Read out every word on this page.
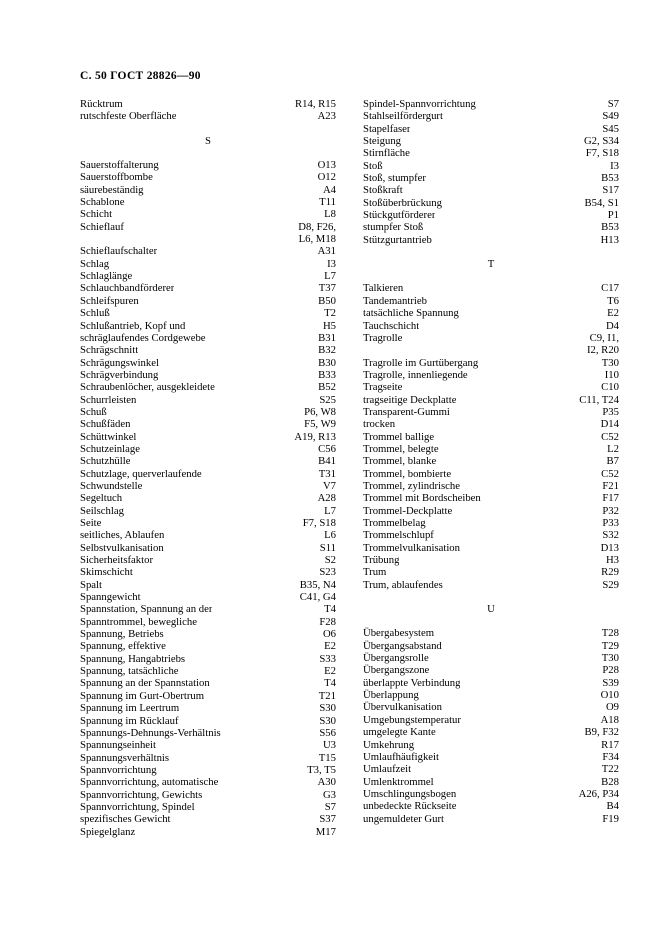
С. 50 ГОСТ 28826—90
Rücktrum	R14, R15
rutschfeste Oberfläche	A23
S
Sauerstoffalterung	O13
Sauerstoffbombe	O12
säurebeständig	A4
Schablone	T11
Schicht	L8
Schieflauf	D8, F26,
L6, M18
Schieflaufschalter	A31
Schlag	I3
Schlaglänge	L7
Schlauchbandförderer	T37
Schleifspuren	B50
Schluß	T2
Schlußantrieb, Kopf und	H5
schräglaufendes Cordgewebe	B31
Schrägschnitt	B32
Schrägungswinkel	B30
Schrägverbindung	B33
Schraubenlöcher, ausgekleidete	B52
Schurrleisten	S25
Schuß	P6, W8
Schußfäden	F5, W9
Schüttwinkel	A19, R13
Schutzeinlage	C56
Schutzhülle	B41
Schutzlage, querverlaufende	T31
Schwundstelle	V7
Segeltuch	A28
Seilschlag	L7
Seite	F7, S18
seitliches, Ablaufen	L6
Selbstvulkanisation	S11
Sicherheitsfaktor	S2
Skimschicht	S23
Spalt	B35, N4
Spanngewicht	C41, G4
Spannstation, Spannung an der	T4
Spanntrommel, bewegliche	F28
Spannung, Betriebs	O6
Spannung, effektive	E2
Spannung, Hangabtriebs	S33
Spannung, tatsächliche	E2
Spannung an der Spannstation	T4
Spannung im Gurt-Obertrum	T21
Spannung im Leertrum	S30
Spannung im Rücklauf	S30
Spannungs-Dehnungs-Verhältnis	S56
Spannungseinheit	U3
Spannungsverhältnis	T15
Spannvorrichtung	T3, T5
Spannvorrichtung, automatische	A30
Spannvorrichtung, Gewichts	G3
Spannvorrichtung, Spindel	S7
spezifisches Gewicht	S37
Spiegelglanz	M17
Spindel-Spannvorrichtung	S7
Stahlseilfördergurt	S49
Stapelfaser	S45
Steigung	G2, S34
Stirnfläche	F7, S18
Stoß	I3
Stoß, stumpfer	B53
Stoßkraft	S17
Stoßüberbrückung	B54, S1
Stückgutförderer	P1
stumpfer Stoß	B53
Stützgurtantrieb	H13
T
Talkieren	C17
Tandemantrieb	T6
tatsächliche Spannung	E2
Tauchschicht	D4
Tragrolle	C9, I1,
I2, R20
Tragrolle im Gurtübergang	T30
Tragrolle, innenliegende	I10
Tragseite	C10
tragseitige Deckplatte	C11, T24
Transparent-Gummi	P35
trocken	D14
Trommel ballige	C52
Trommel, belegte	L2
Trommel, blanke	B7
Trommel, bombierte	C52
Trommel, zylindrische	F21
Trommel mit Bordscheiben	F17
Trommel-Deckplatte	P32
Trommelbelag	P33
Trommelschlupf	S32
Trommelvulkanisation	D13
Trübung	H3
Trum	R29
Trum, ablaufendes	S29
U
Übergabesystem	T28
Übergangsabstand	T29
Übergangsrolle	T30
Übergangszone	P28
überlappte Verbindung	S39
Überlappung	O10
Übervulkanisation	O9
Umgebungstemperatur	A18
umgelegte Kante	B9, F32
Umkehrung	R17
Umlaufhäufigkeit	F34
Umlaufzeit	T22
Umlenktrommel	B28
Umschlingungsbogen	A26, P34
unbedeckte Rückseite	B4
ungemuldeter Gurt	F19
